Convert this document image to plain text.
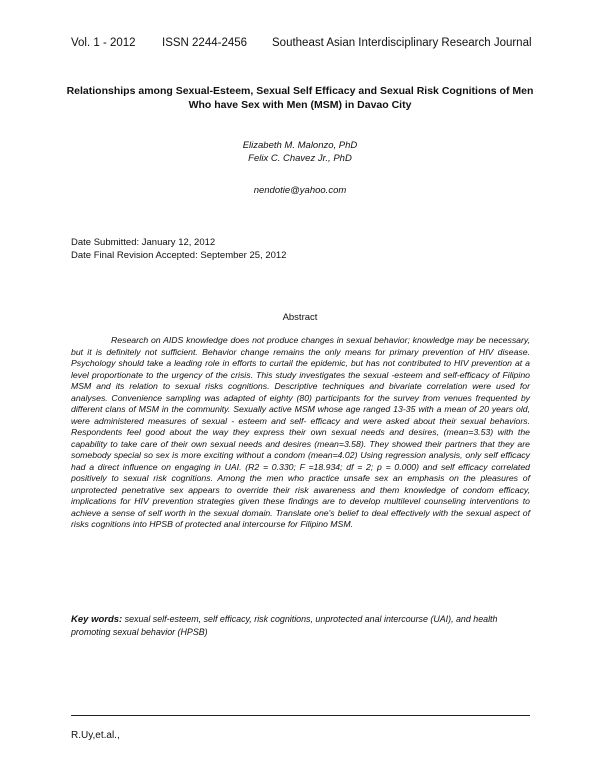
Vol. 1 - 2012 ISSN 2244-2456 Southeast Asian Interdisciplinary Research Journal
Relationships among Sexual-Esteem, Sexual Self Efficacy and Sexual Risk Cognitions of Men Who have Sex with Men (MSM) in Davao City
Elizabeth M. Malonzo, PhD
Felix C. Chavez Jr., PhD
nendotie@yahoo.com
Date Submitted: January 12, 2012
Date Final Revision Accepted: September 25, 2012
Abstract
Research on AIDS knowledge does not produce changes in sexual behavior; knowledge may be necessary, but it is definitely not sufficient. Behavior change remains the only means for primary prevention of HIV disease. Psychology should take a leading role in efforts to curtail the epidemic, but has not contributed to HIV prevention at a level proportionate to the urgency of the crisis. This study investigates the sexual -esteem and self-efficacy of Filipino MSM and its relation to sexual risks cognitions. Descriptive techniques and bivariate correlation were used for analyses. Convenience sampling was adapted of eighty (80) participants for the survey from venues frequented by different clans of MSM in the community. Sexually active MSM whose age ranged 13-35 with a mean of 20 years old, were administered measures of sexual - esteem and self- efficacy and were asked about their sexual behaviors. Respondents feel good about the way they express their own sexual needs and desires, (mean=3.53) with the capability to take care of their own sexual needs and desires (mean=3.58). They showed their partners that they are somebody special so sex is more exciting without a condom (mean=4.02) Using regression analysis, only self efficacy had a direct influence on engaging in UAI. (R2 = 0.330; F =18.934; df = 2; p = 0.000) and self efficacy correlated positively to sexual risk cognitions. Among the men who practice unsafe sex an emphasis on the pleasures of unprotected penetrative sex appears to override their risk awareness and them knowledge of condom efficacy, implications for HIV prevention strategies given these findings are to develop multilevel counseling interventions to achieve a sense of self worth in the sexual domain. Translate one's belief to deal effectively with the sexual aspect of risks cognitions into HPSB of protected anal intercourse for Filipino MSM.
Key words: sexual self-esteem, self efficacy, risk cognitions, unprotected anal intercourse (UAI), and health promoting sexual behavior (HPSB)
R.Uy,et.al.,
